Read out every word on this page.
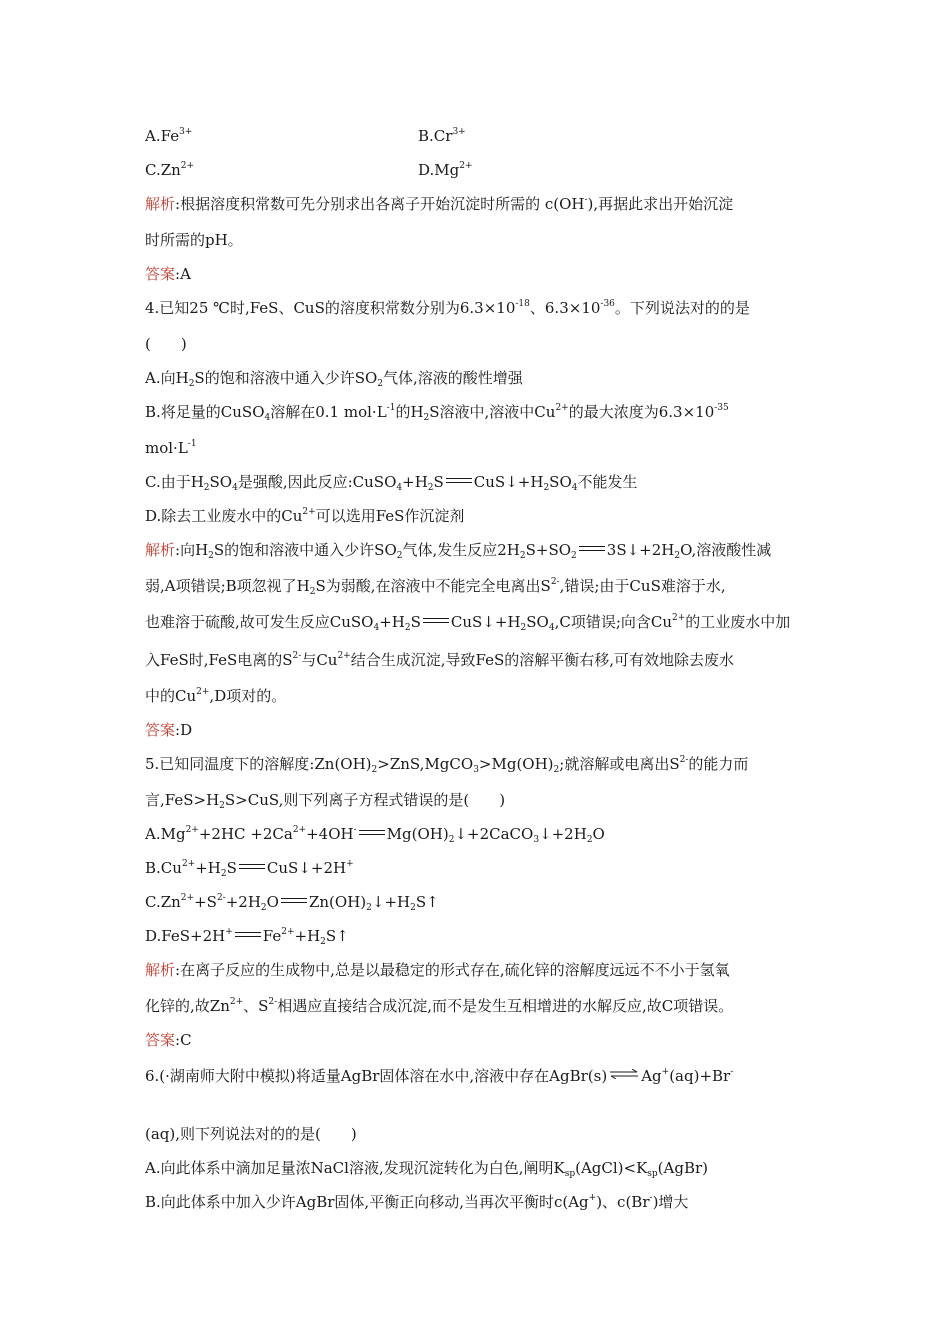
$A.Fe^{3+}$	$B.Cr^{3+}$
$C.Zn^{2+}$	$D.Mg^{2+}$
解析:根据溶度积常数可先分别求出各离子开始沉淀时所需的 c(OH-),再据此求出开始沉淀
时所需的pH。
答案:A
4.已知25 ℃时,FeS、CuS的溶度积常数分别为$6.3\times 10^{-18}$、$6.3\times 10^{-36}$。下列说法对的的是
(　　)
A.向$H_2S$的饱和溶液中通入少许$SO_2$气体,溶液的酸性增强
B.将足量的CuSO$_4$溶解在0.1 $mol\cdot L^{-1}$的$H_2S$溶液中,溶液中$Cu^{2+}$的最大浓度为$6.3\times 10^{-35}$
$mol\cdot L^{-1}$
C.由于$H_2SO_4$是强酸,因此反应$:CuSO_4+H_2S$ $CuS↓+H_2SO_4$不能发生
D.除去工业废水中的$Cu^{2+}$可以选用FeS作沉淀剂
解析:向$H_2S$的饱和溶液中通入少许$SO_2$气体,发生反应$2H_2S+SO_2$ $3S↓+2H_2O$,溶液酸性减
弱,A项错误;B项忽视了$H_2S$为弱酸,在溶液中不能完全电离出$S^{2-}$,错误;由于CuS难溶于水,
也难溶于硫酸,故可发生反应$CuSO_4+H_2S$ $CuS↓+H_2SO_4,C$项错误;向含$Cu^{2+}$的工业废水中加
入FeS时,FeS电离的$S^{2-}$与$Cu^{2+}$结合生成沉淀,导致FeS的溶解平衡右移,可有效地除去废水
中的$Cu^{2+},D$项对的。
答案:D
5.已知同温度下的溶解度$:Zn(OH)_2>ZnS,MgCO_3>Mg(OH)_2$;就溶解或电离出$S^{2-}$的能力而
言$,FeS>H_2S>CuS$,则下列离子方程式错误的是(　　)
$A.Mg^{2+}+2HC +2Ca^{2+}+4OH^-$ $Mg(OH)_2↓+2CaCO_3↓+2H_2O$
$B.Cu^{2+}+H_2S$ CuS↓+2H+
$C.Zn^{2+}+S^{2-}+2H_2O$ $Zn(OH)_2↓+H_2S↑$
D.FeS+2H+ $Fe^{2+}+H_2S↑$
解析:在离子反应的生成物中,总是以最稳定的形式存在,硫化锌的溶解度远远不不小于氢氧
化锌的,故$Zn^{2+}$、$S^{2-}$相遇应直接结合成沉淀,而不是发生互相增进的水解反应,故C项错误。
答案:C
6.(·湖南师大附中模拟)将适量AgBr固体溶在水中,溶液中存在AgBr(s) ⇌ Ag+(aq)+Br-
(aq),则下列说法对的的是(　　)
A.向此体系中滴加足量浓NaCl溶液,发现沉淀转化为白色,阐明$K_{sp}(AgCl)<K_{sp}(AgBr)$
B.向此体系中加入少许AgBr固体,平衡正向移动,当再次平衡时c(Ag+)、c(Br-)增大
